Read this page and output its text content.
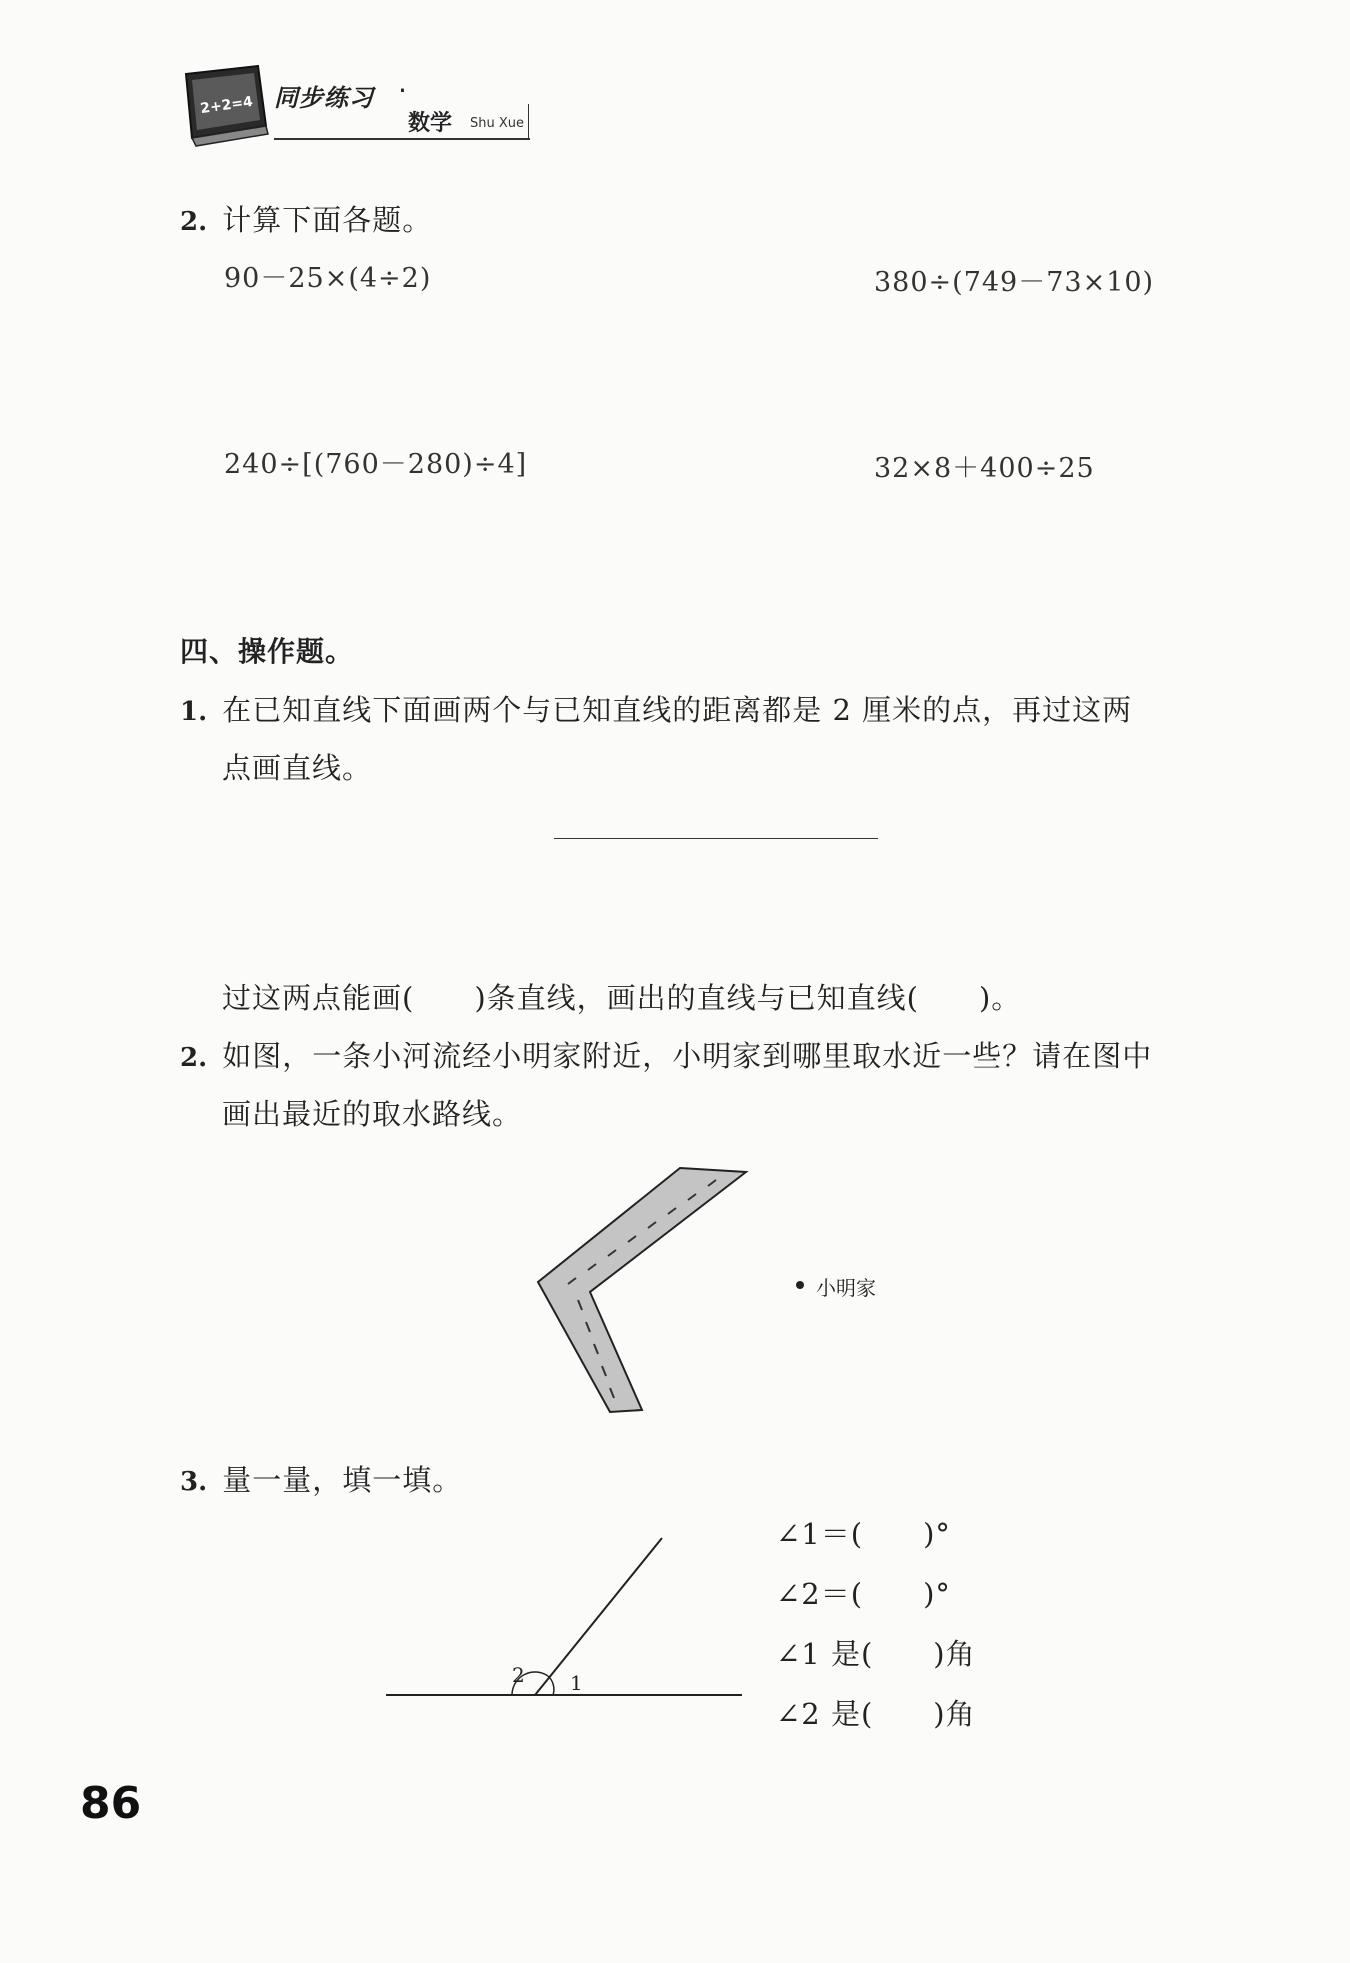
2+2=4 同步练习 ·
数学 Shu Xue
2. 计算下面各题。
90－25×(4÷2)	380÷(749－73×10)
240÷[(760－280)÷4]	32×8＋400÷25
四、操作题。
1. 在已知直线下面画两个与已知直线的距离都是 2 厘米的点，再过这两
点画直线。
过这两点能画(　　)条直线，画出的直线与已知直线(　　)。
2. 如图，一条小河流经小明家附近，小明家到哪里取水近一些？请在图中
画出最近的取水路线。
小明家
3. 量一量，填一填。
2 1
∠1＝(　　)°
∠2＝(　　)°
∠1 是(　　)角
∠2 是(　　)角
86
